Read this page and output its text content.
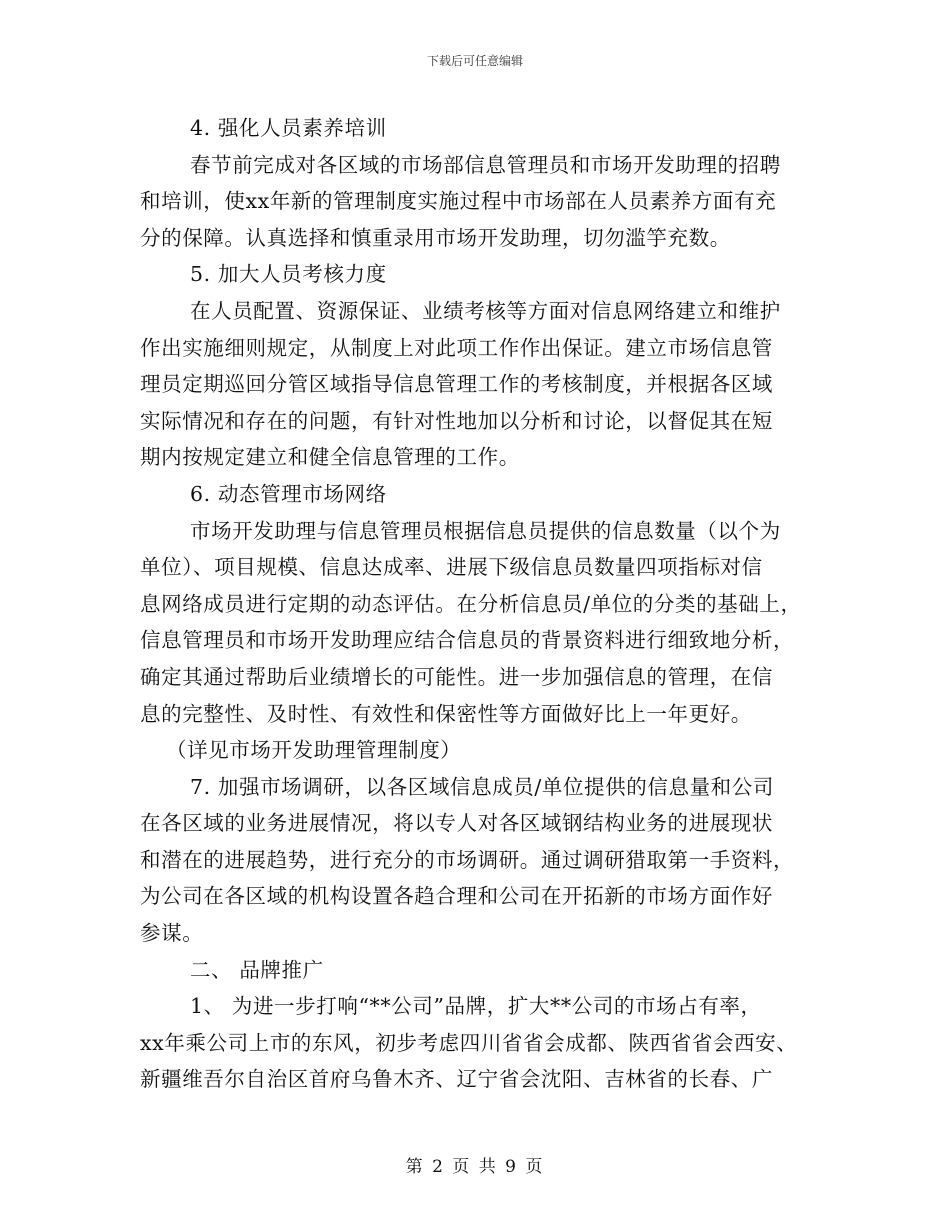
下载后可任意编辑
4. 强化人员素养培训
春节前完成对各区域的市场部信息管理员和市场开发助理的招聘
和培训，使xx年新的管理制度实施过程中市场部在人员素养方面有充
分的保障。认真选择和慎重录用市场开发助理，切勿滥竽充数。
5. 加大人员考核力度
在人员配置、资源保证、业绩考核等方面对信息网络建立和维护
作出实施细则规定，从制度上对此项工作作出保证。建立市场信息管
理员定期巡回分管区域指导信息管理工作的考核制度，并根据各区域
实际情况和存在的问题，有针对性地加以分析和讨论，以督促其在短
期内按规定建立和健全信息管理的工作。
6. 动态管理市场网络
市场开发助理与信息管理员根据信息员提供的信息数量（以个为
单位）、项目规模、信息达成率、进展下级信息员数量四项指标对信
息网络成员进行定期的动态评估。在分析信息员/单位的分类的基础上，
信息管理员和市场开发助理应结合信息员的背景资料进行细致地分析，
确定其通过帮助后业绩增长的可能性。进一步加强信息的管理，在信
息的完整性、及时性、有效性和保密性等方面做好比上一年更好。
（详见市场开发助理管理制度）
7. 加强市场调研，以各区域信息成员/单位提供的信息量和公司
在各区域的业务进展情况，将以专人对各区域钢结构业务的进展现状
和潜在的进展趋势，进行充分的市场调研。通过调研猎取第一手资料，
为公司在各区域的机构设置各趋合理和公司在开拓新的市场方面作好
参谋。
二、 品牌推广
1、 为进一步打响“**公司”品牌，扩大**公司的市场占有率，
xx年乘公司上市的东风，初步考虑四川省省会成都、陕西省省会西安、
新疆维吾尔自治区首府乌鲁木齐、辽宁省会沈阳、吉林省的长春、广
第 2 页 共 9 页
